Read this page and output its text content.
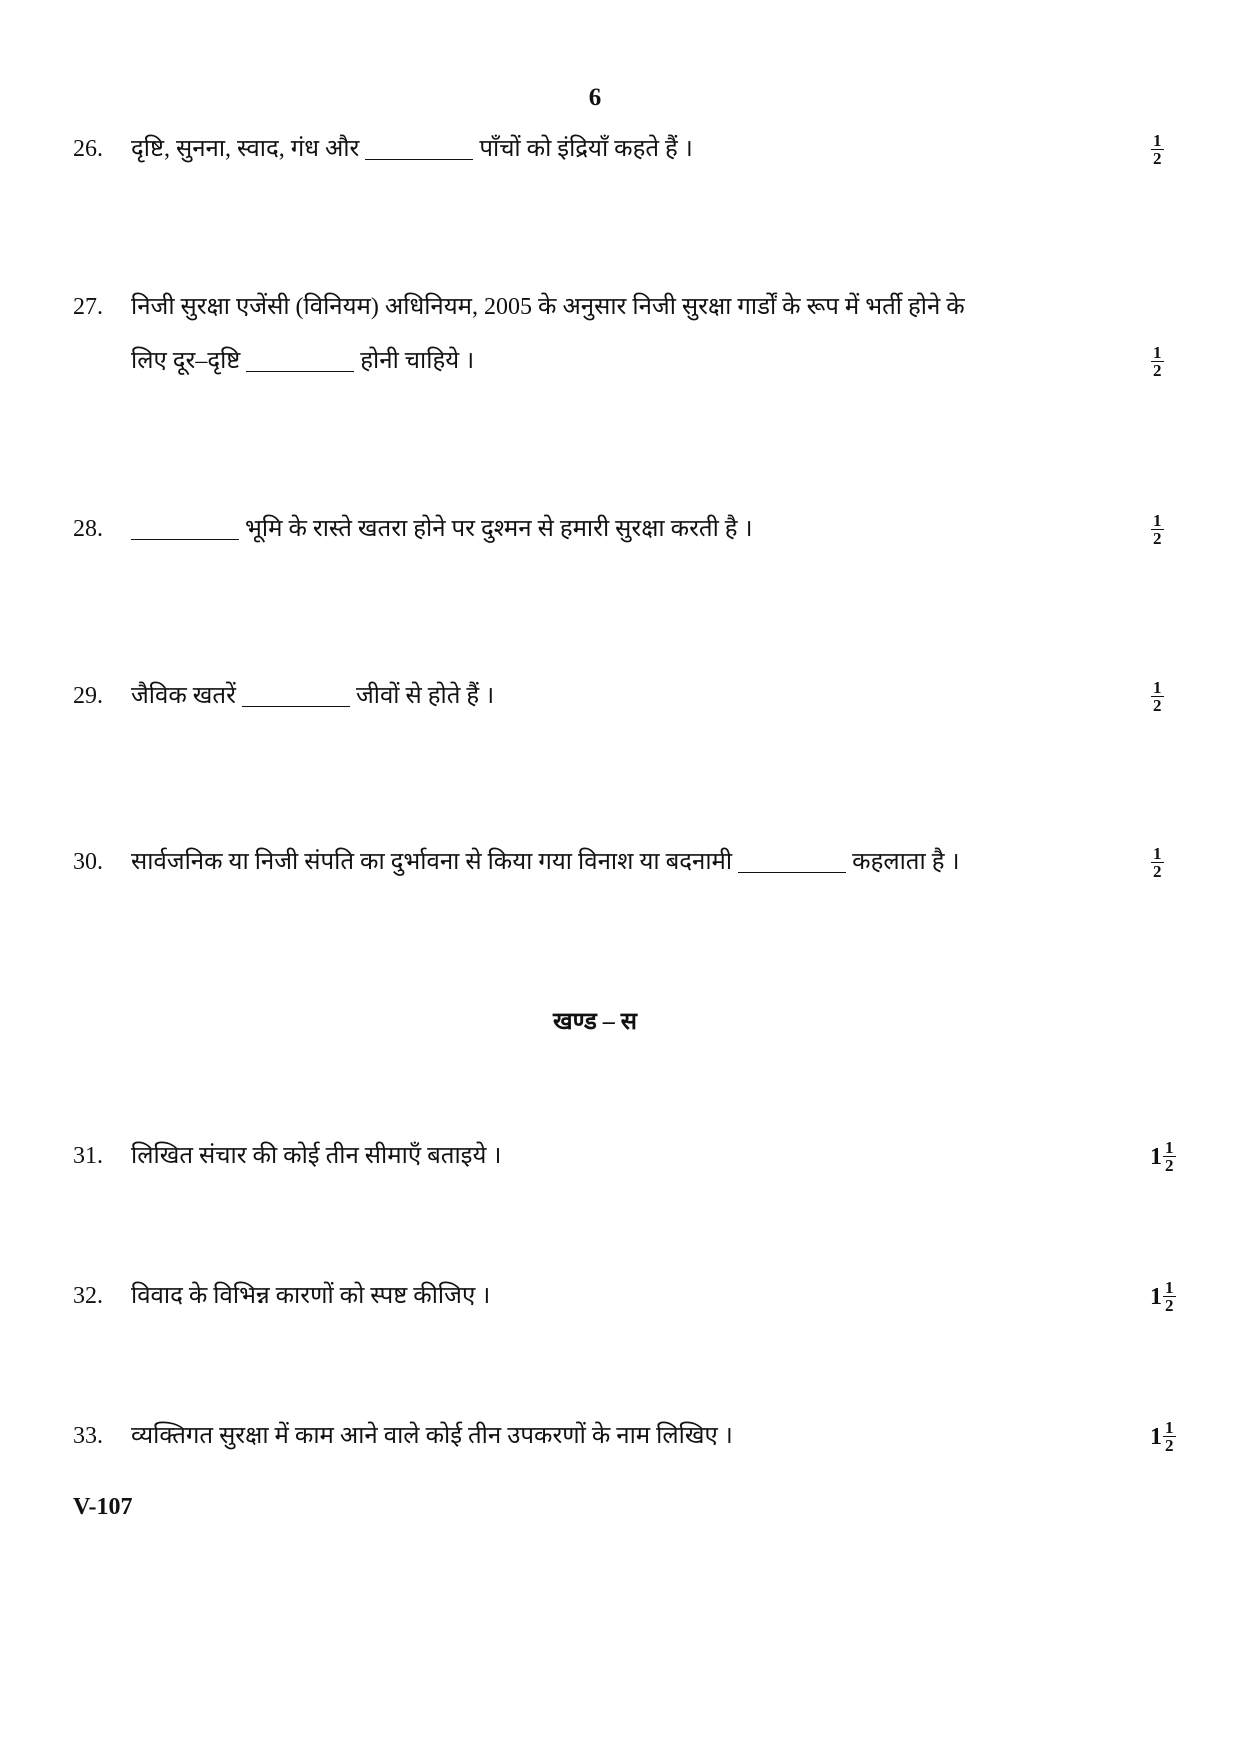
6
26. दृष्टि, सुनना, स्वाद, गंध और	पाँचों को इंद्रियाँ कहते हैं ।	$\frac{1}{2}$
27. निजी सुरक्षा एजेंसी (विनियम) अधिनियम, 2005 के अनुसार निजी सुरक्षा गार्डों के रूप में भर्ती होने के
लिए दूर–दृष्टि	होनी चाहिये ।	$\frac{1}{2}$
28.	भूमि के रास्ते खतरा होने पर दुश्मन से हमारी सुरक्षा करती है ।	$\frac{1}{2}$
29. जैविक खतरें	जीवों से होते हैं ।	$\frac{1}{2}$
30. सार्वजनिक या निजी संपति का दुर्भावना से किया गया विनाश या बदनामी	कहलाता है ।	$\frac{1}{2}$
खण्ड – स
31. लिखित संचार की कोई तीन सीमाएँ बताइये ।	$1 \frac{1}{2}$
32. विवाद के विभिन्न कारणों को स्पष्ट कीजिए ।	$1 \frac{1}{2}$
33. व्यक्तिगत सुरक्षा में काम आने वाले कोई तीन उपकरणों के नाम लिखिए ।	$1 \frac{1}{2}$
V-107
